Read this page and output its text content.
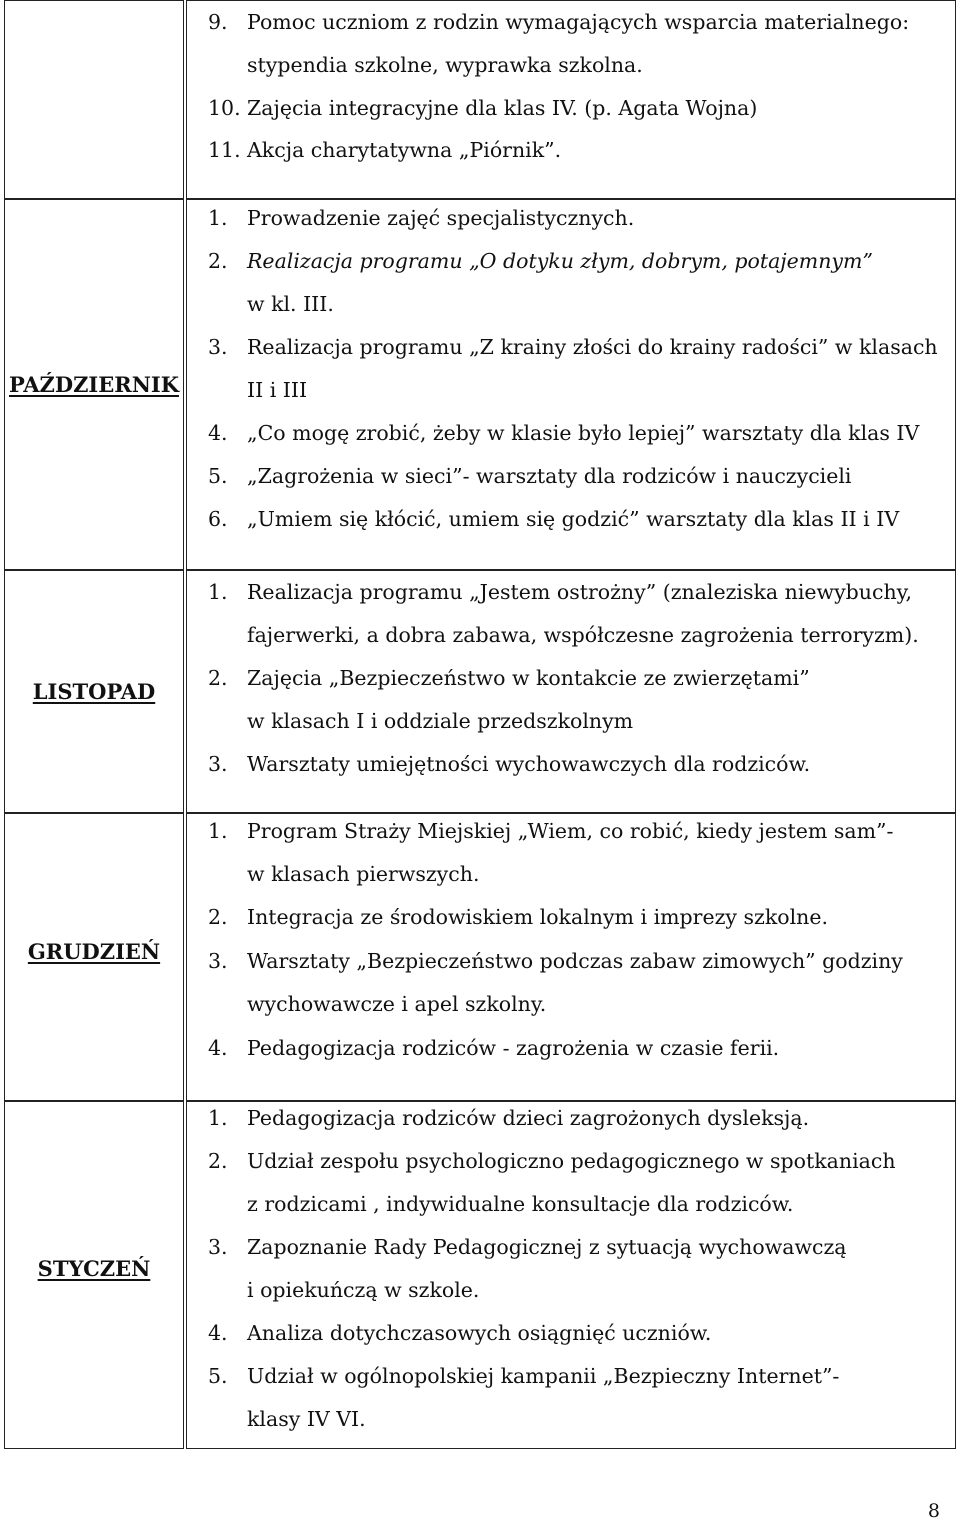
9. Pomoc uczniom z rodzin wymagających wsparcia materialnego:
stypendia szkolne, wyprawka szkolna.
10. Zajęcia integracyjne dla klas IV. (p. Agata Wojna)
11. Akcja charytatywna „Piórnik”.
PAŹDZIERNIK
1. Prowadzenie zajęć specjalistycznych.
2. Realizacja programu „O dotyku złym, dobrym, potajemnym”
w kl. III.
3. Realizacja programu „Z krainy złości do krainy radości” w klasach
II i III
4. „Co mogę zrobić, żeby w klasie było lepiej” warsztaty dla klas IV
5. „Zagrożenia w sieci”- warsztaty dla rodziców i nauczycieli
6. „Umiem się kłócić, umiem się godzić” warsztaty dla klas II i IV
LISTOPAD
1. Realizacja programu „Jestem ostrożny” (znaleziska niewybuchy,
fajerwerki, a dobra zabawa, współczesne zagrożenia terroryzm).
2. Zajęcia „Bezpieczeństwo w kontakcie ze zwierzętami”
w klasach I i oddziale przedszkolnym
3. Warsztaty umiejętności wychowawczych dla rodziców.
GRUDZIEŃ
1. Program Straży Miejskiej „Wiem, co robić, kiedy jestem sam”-
w klasach pierwszych.
2. Integracja ze środowiskiem lokalnym i imprezy szkolne.
3. Warsztaty „Bezpieczeństwo podczas zabaw zimowych” godziny
wychowawcze i apel szkolny.
4. Pedagogizacja rodziców - zagrożenia w czasie ferii.
STYCZEŃ
1. Pedagogizacja rodziców dzieci zagrożonych dysleksją.
2. Udział zespołu psychologiczno pedagogicznego w spotkaniach
z rodzicami , indywidualne konsultacje dla rodziców.
3. Zapoznanie Rady Pedagogicznej z sytuacją wychowawczą
i opiekuńczą w szkole.
4. Analiza dotychczasowych osiągnięć uczniów.
5. Udział w ogólnopolskiej kampanii „Bezpieczny Internet”-
klasy IV VI.
8
